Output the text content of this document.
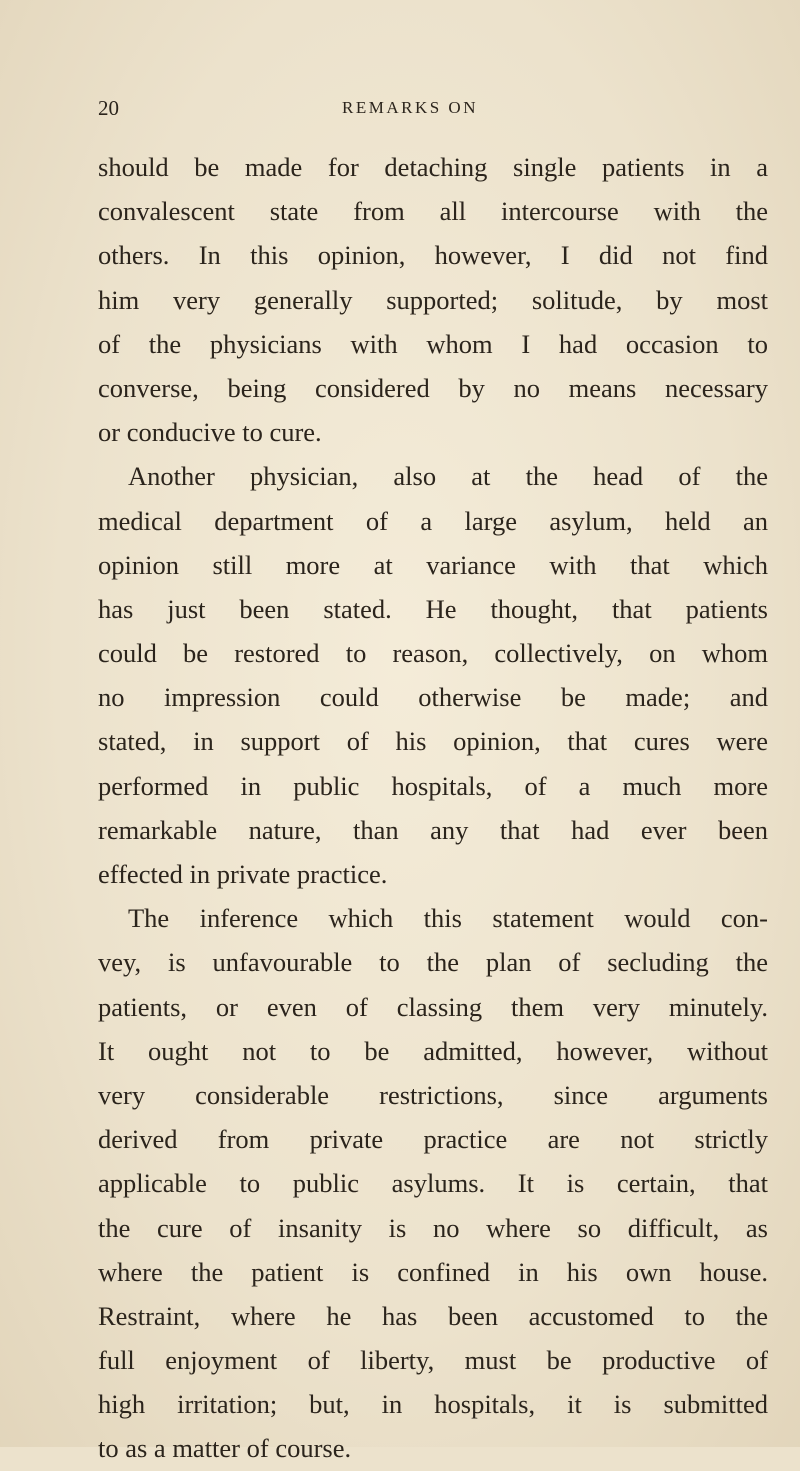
20	REMARKS ON
should be made for detaching single patients in a
convalescent state from all intercourse with the
others. In this opinion, however, I did not find
him very generally supported; solitude, by most
of the physicians with whom I had occasion to
converse, being considered by no means necessary
or conducive to cure.
Another physician, also at the head of the
medical department of a large asylum, held an
opinion still more at variance with that which
has just been stated. He thought, that patients
could be restored to reason, collectively, on whom
no impression could otherwise be made; and
stated, in support of his opinion, that cures were
performed in public hospitals, of a much more
remarkable nature, than any that had ever been
effected in private practice.
The inference which this statement would con-
vey, is unfavourable to the plan of secluding the
patients, or even of classing them very minutely.
It ought not to be admitted, however, without
very considerable restrictions, since arguments
derived from private practice are not strictly
applicable to public asylums. It is certain, that
the cure of insanity is no where so difficult, as
where the patient is confined in his own house.
Restraint, where he has been accustomed to the
full enjoyment of liberty, must be productive of
high irritation; but, in hospitals, it is submitted
to as a matter of course.
